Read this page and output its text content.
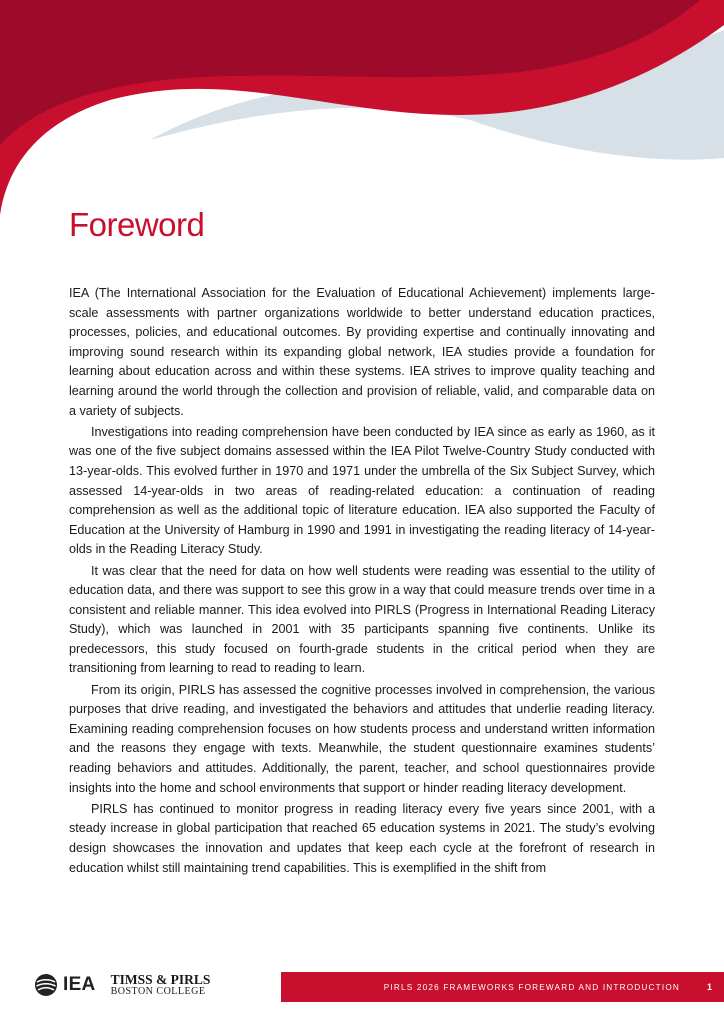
Foreword

IEA (The International Association for the Evaluation of Educational Achievement) implements large-scale assessments with partner organizations worldwide to better understand education practices, processes, policies, and educational outcomes. By providing expertise and continually innovating and improving sound research within its expanding global network, IEA studies provide a foundation for learning about education across and within these systems. IEA strives to improve quality teaching and learning around the world through the collection and provision of reliable, valid, and comparable data on a variety of subjects.

Investigations into reading comprehension have been conducted by IEA since as early as 1960, as it was one of the five subject domains assessed within the IEA Pilot Twelve-Country Study conducted with 13-year-olds. This evolved further in 1970 and 1971 under the umbrella of the Six Subject Survey, which assessed 14-year-olds in two areas of reading-related education: a continuation of reading comprehension as well as the additional topic of literature education. IEA also supported the Faculty of Education at the University of Hamburg in 1990 and 1991 in investigating the reading literacy of 14-year-olds in the Reading Literacy Study.

It was clear that the need for data on how well students were reading was essential to the utility of education data, and there was support to see this grow in a way that could measure trends over time in a consistent and reliable manner. This idea evolved into PIRLS (Progress in International Reading Literacy Study), which was launched in 2001 with 35 participants spanning five continents. Unlike its predecessors, this study focused on fourth-grade students in the critical period when they are transitioning from learning to read to reading to learn.

From its origin, PIRLS has assessed the cognitive processes involved in comprehension, the various purposes that drive reading, and investigated the behaviors and attitudes that underlie reading literacy. Examining reading comprehension focuses on how students process and understand written information and the reasons they engage with texts. Meanwhile, the student questionnaire examines students’ reading behaviors and attitudes. Additionally, the parent, teacher, and school questionnaires provide insights into the home and school environments that support or hinder reading literacy development.

PIRLS has continued to monitor progress in reading literacy every five years since 2001, with a steady increase in global participation that reached 65 education systems in 2021. The study’s evolving design showcases the innovation and updates that keep each cycle at the forefront of research in education whilst still maintaining trend capabilities. This is exemplified in the shift from

IEA TIMSS & PIRLS
BOSTON COLLEGE	PIRLS 2026 FRAMEWORKS FOREWARD AND INTRODUCTION	1
